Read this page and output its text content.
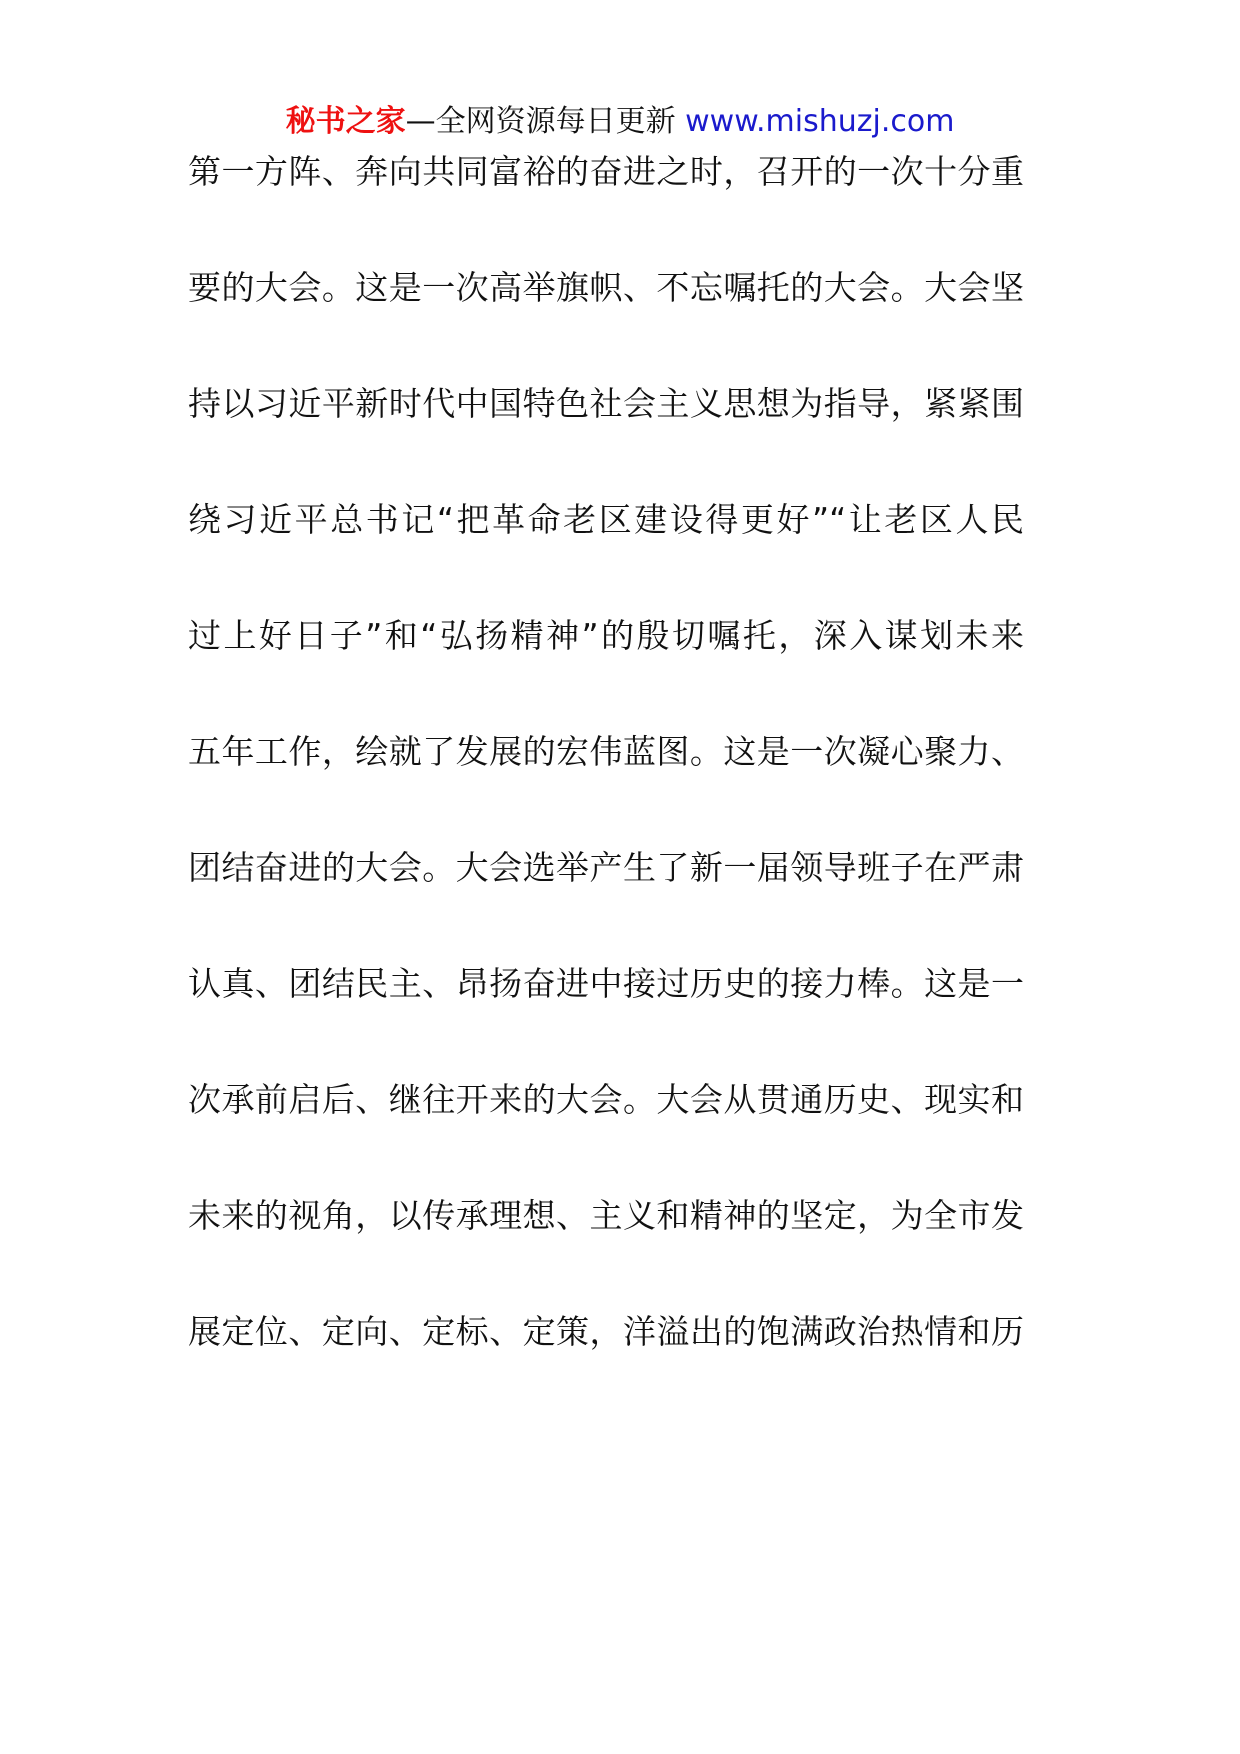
秘书之家—全网资源每日更新 www.mishuzj.com
第一方阵、奔向共同富裕的奋进之时，召开的一次十分重
要的大会。这是一次高举旗帜、不忘嘱托的大会。大会坚
持以习近平新时代中国特色社会主义思想为指导，紧紧围
绕习近平总书记“把革命老区建设得更好”“让老区人民
过上好日子”和“弘扬精神”的殷切嘱托，深入谋划未来
五年工作，绘就了发展的宏伟蓝图。这是一次凝心聚力、
团结奋进的大会。大会选举产生了新一届领导班子在严肃
认真、团结民主、昂扬奋进中接过历史的接力棒。这是一
次承前启后、继往开来的大会。大会从贯通历史、现实和
未来的视角，以传承理想、主义和精神的坚定，为全市发
展定位、定向、定标、定策，洋溢出的饱满政治热情和历
